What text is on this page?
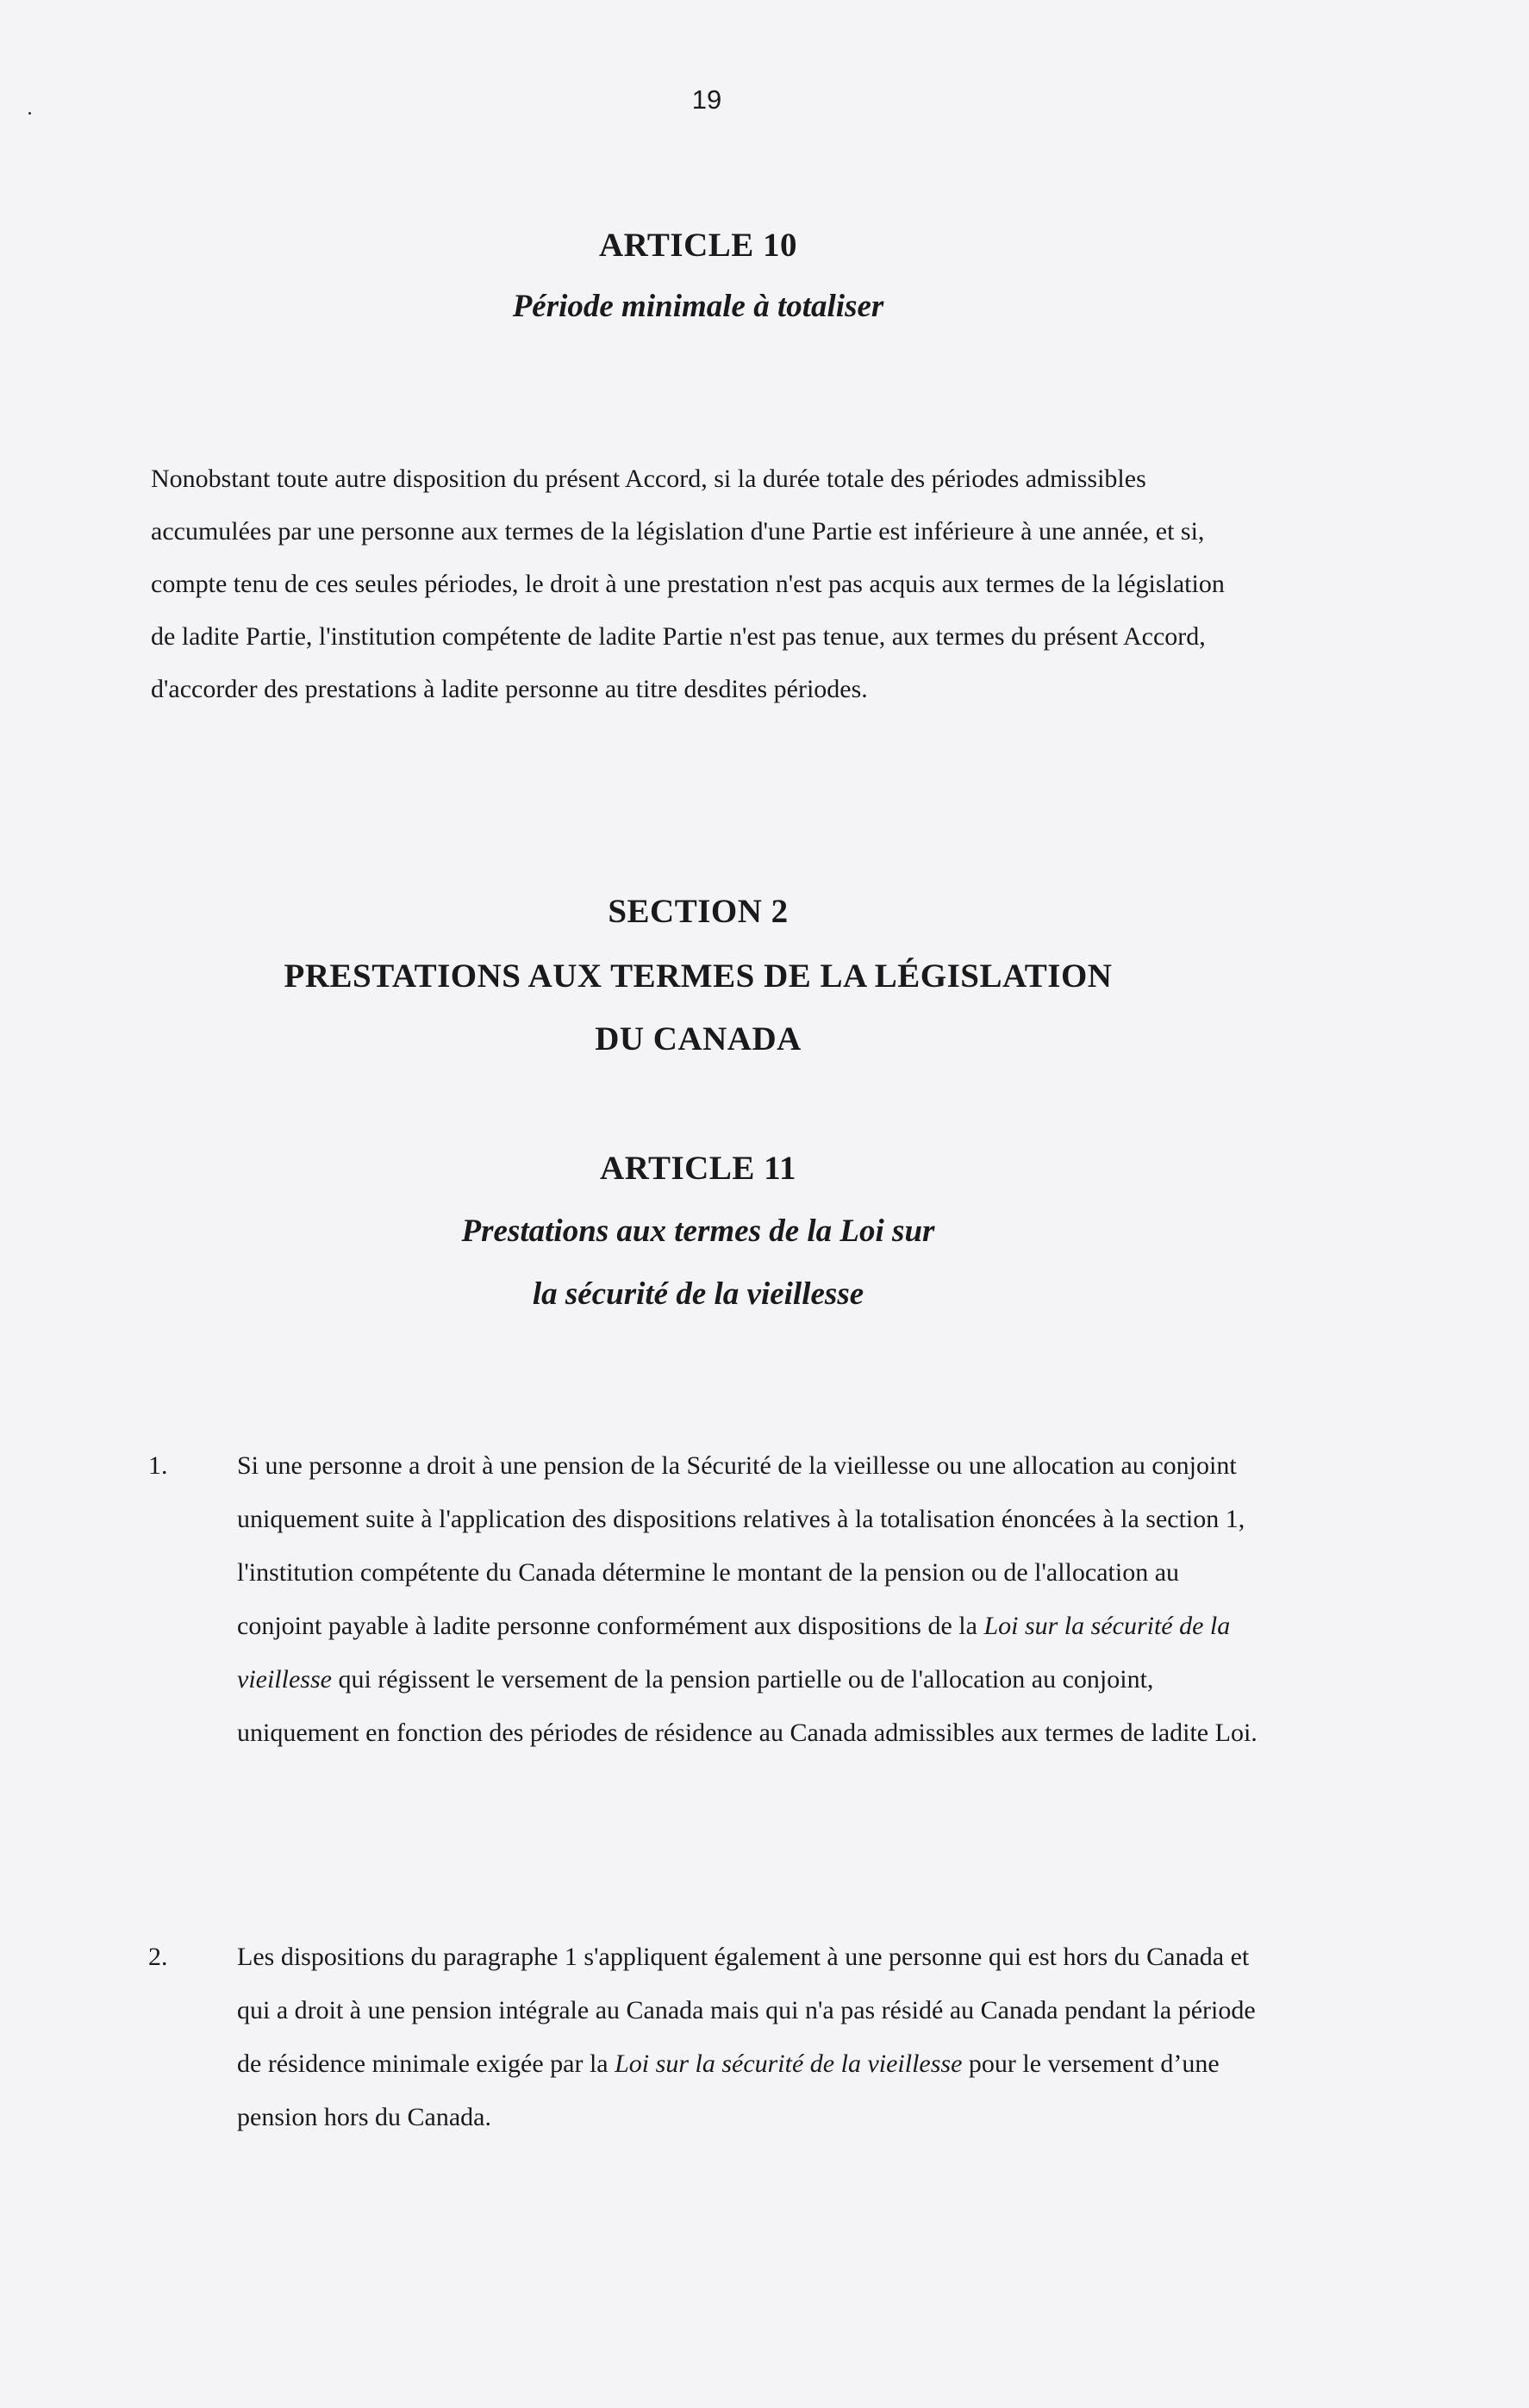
19
ARTICLE 10
Période minimale à totaliser

Nonobstant toute autre disposition du présent Accord, si la durée totale des périodes admissibles accumulées par une personne aux termes de la législation d'une Partie est inférieure à une année, et si, compte tenu de ces seules périodes, le droit à une prestation n'est pas acquis aux termes de la législation de ladite Partie, l'institution compétente de ladite Partie n'est pas tenue, aux termes du présent Accord, d'accorder des prestations à ladite personne au titre desdites périodes.

SECTION 2
PRESTATIONS AUX TERMES DE LA LÉGISLATION
DU CANADA
ARTICLE 11
Prestations aux termes de la Loi sur
la sécurité de la vieillesse
1.	Si une personne a droit à une pension de la Sécurité de la vieillesse ou une allocation au conjoint uniquement suite à l'application des dispositions relatives à la totalisation énoncées à la section 1, l'institution compétente du Canada détermine le montant de la pension ou de l'allocation au conjoint payable à ladite personne conformément aux dispositions de la Loi sur la sécurité de la vieillesse qui régissent le versement de la pension partielle ou de l'allocation au conjoint, uniquement en fonction des périodes de résidence au Canada admissibles aux termes de ladite Loi.
2.	Les dispositions du paragraphe 1 s'appliquent également à une personne qui est hors du Canada et qui a droit à une pension intégrale au Canada mais qui n'a pas résidé au Canada pendant la période de résidence minimale exigée par la Loi sur la sécurité de la vieillesse pour le versement d’une pension hors du Canada.
